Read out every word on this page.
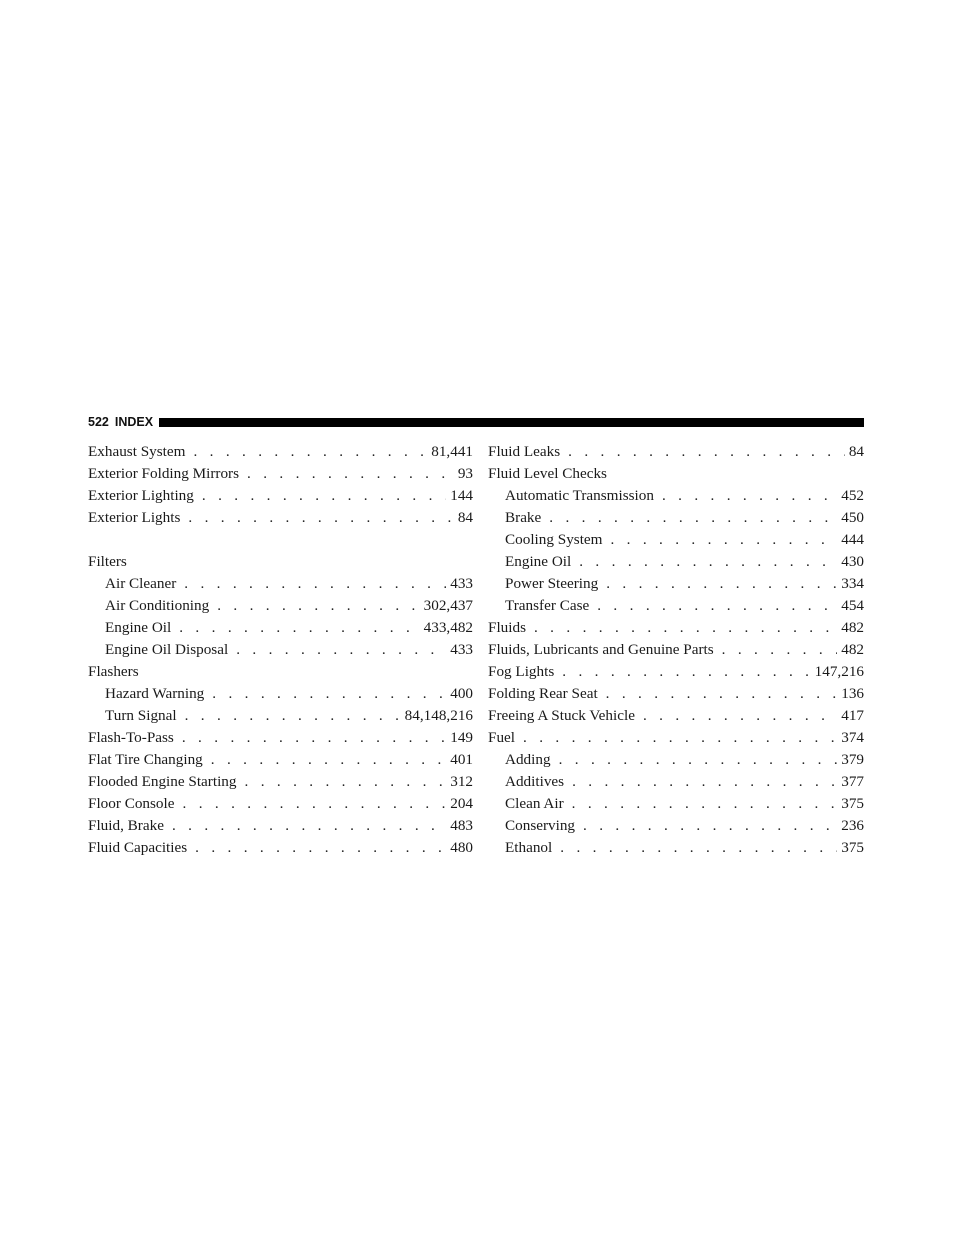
522 INDEX
Exhaust System . . .	81,441
Exterior Folding Mirrors . . .	93
Exterior Lighting . . .	144
Exterior Lights . . .	84
Filters
Air Cleaner . . .	433
Air Conditioning . . .	302,437
Engine Oil . . .	433,482
Engine Oil Disposal . . .	433
Flashers
Hazard Warning . . .	400
Turn Signal . . .	84,148,216
Flash-To-Pass . . .	149
Flat Tire Changing . . .	401
Flooded Engine Starting . . .	312
Floor Console . . .	204
Fluid, Brake . . .	483
Fluid Capacities . . .	480
Fluid Leaks . . .	84
Fluid Level Checks
Automatic Transmission . . .	452
Brake . . .	450
Cooling System . . .	444
Engine Oil . . .	430
Power Steering . . .	334
Transfer Case . . .	454
Fluids . . .	482
Fluids, Lubricants and Genuine Parts . . .	482
Fog Lights . . .	147,216
Folding Rear Seat . . .	136
Freeing A Stuck Vehicle . . .	417
Fuel . . .	374
Adding . . .	379
Additives . . .	377
Clean Air . . .	375
Conserving . . .	236
Ethanol . . .	375
